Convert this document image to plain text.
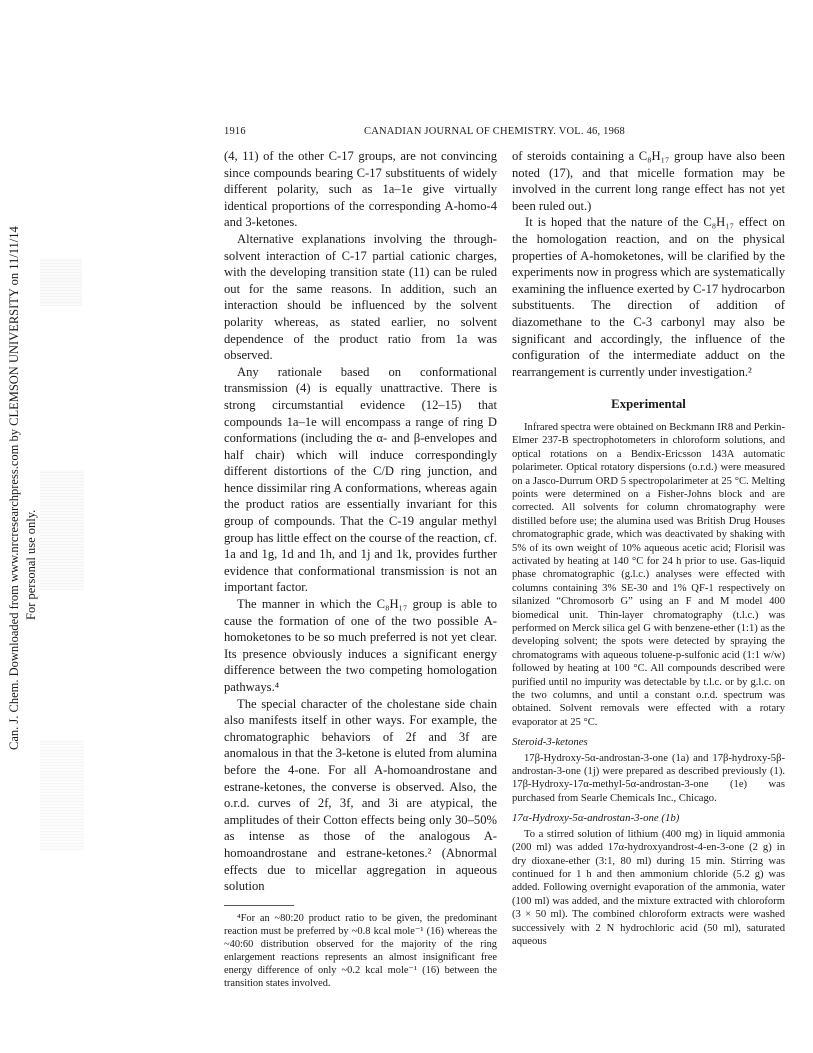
Can. J. Chem. Downloaded from www.nrcresearchpress.com by CLEMSON UNIVERSITY on 11/11/14 For personal use only.
1916	CANADIAN JOURNAL OF CHEMISTRY. VOL. 46, 1968

(4, 11) of the other C-17 groups, are not convincing since compounds bearing C-17 substituents of widely different polarity, such as 1a–1e give virtually identical proportions of the corresponding A-homo-4 and 3-ketones.

Alternative explanations involving the through-solvent interaction of C-17 partial cationic charges, with the developing transition state (11) can be ruled out for the same reasons. In addition, such an interaction should be influenced by the solvent polarity whereas, as stated earlier, no solvent dependence of the product ratio from 1a was observed.

Any rationale based on conformational transmission (4) is equally unattractive. There is strong circumstantial evidence (12–15) that compounds 1a–1e will encompass a range of ring D conformations (including the α- and β-envelopes and half chair) which will induce correspondingly different distortions of the C/D ring junction, and hence dissimilar ring A conformations, whereas again the product ratios are essentially invariant for this group of compounds. That the C-19 angular methyl group has little effect on the course of the reaction, cf. 1a and 1g, 1d and 1h, and 1j and 1k, provides further evidence that conformational transmission is not an important factor.

The manner in which the C₈H₁₇ group is able to cause the formation of one of the two possible A-homoketones to be so much preferred is not yet clear. Its presence obviously induces a significant energy difference between the two competing homologation pathways.⁴

The special character of the cholestane side chain also manifests itself in other ways. For example, the chromatographic behaviors of 2f and 3f are anomalous in that the 3-ketone is eluted from alumina before the 4-one. For all A-homoandrostane and estrane-ketones, the converse is observed. Also, the o.r.d. curves of 2f, 3f, and 3i are atypical, the amplitudes of their Cotton effects being only 30–50% as intense as those of the analogous A-homoandrostane and estrane-ketones.² (Abnormal effects due to micellar aggregation in aqueous solution

⁴For an ~80:20 product ratio to be given, the predominant reaction must be preferred by ~0.8 kcal mole⁻¹ (16) whereas the ~40:60 distribution observed for the majority of the ring enlargement reactions represents an almost insignificant free energy difference of only ~0.2 kcal mole⁻¹ (16) between the transition states involved.

of steroids containing a C₈H₁₇ group have also been noted (17), and that micelle formation may be involved in the current long range effect has not yet been ruled out.)

It is hoped that the nature of the C₈H₁₇ effect on the homologation reaction, and on the physical properties of A-homoketones, will be clarified by the experiments now in progress which are systematically examining the influence exerted by C-17 hydrocarbon substituents. The direction of addition of diazomethane to the C-3 carbonyl may also be significant and accordingly, the influence of the configuration of the intermediate adduct on the rearrangement is currently under investigation.²

Experimental

Infrared spectra were obtained on Beckmann IR8 and Perkin-Elmer 237-B spectrophotometers in chloroform solutions, and optical rotations on a Bendix-Ericsson 143A automatic polarimeter. Optical rotatory dispersions (o.r.d.) were measured on a Jasco-Durrum ORD 5 spectropolarimeter at 25 °C. Melting points were determined on a Fisher-Johns block and are corrected. All solvents for column chromatography were distilled before use; the alumina used was British Drug Houses chromatographic grade, which was deactivated by shaking with 5% of its own weight of 10% aqueous acetic acid; Florisil was activated by heating at 140 °C for 24 h prior to use. Gas-liquid phase chromatographic (g.l.c.) analyses were effected with columns containing 3% SE-30 and 1% QF-1 respectively on silanized “Chromosorb G” using an F and M model 400 biomedical unit. Thin-layer chromatography (t.l.c.) was performed on Merck silica gel G with benzene-ether (1:1) as the developing solvent; the spots were detected by spraying the chromatograms with aqueous toluene-p-sulfonic acid (1:1 w/w) followed by heating at 100 °C. All compounds described were purified until no impurity was detectable by t.l.c. or by g.l.c. on the two columns, and until a constant o.r.d. spectrum was obtained. Solvent removals were effected with a rotary evaporator at 25 °C.

Steroid-3-ketones

17β-Hydroxy-5α-androstan-3-one (1a) and 17β-hydroxy-5β-androstan-3-one (1j) were prepared as described previously (1). 17β-Hydroxy-17α-methyl-5α-androstan-3-one (1e) was purchased from Searle Chemicals Inc., Chicago.

17α-Hydroxy-5α-androstan-3-one (1b)

To a stirred solution of lithium (400 mg) in liquid ammonia (200 ml) was added 17α-hydroxyandrost-4-en-3-one (2 g) in dry dioxane-ether (3:1, 80 ml) during 15 min. Stirring was continued for 1 h and then ammonium chloride (5.2 g) was added. Following overnight evaporation of the ammonia, water (100 ml) was added, and the mixture extracted with chloroform (3 × 50 ml). The combined chloroform extracts were washed successively with 2 N hydrochloric acid (50 ml), saturated aqueous
